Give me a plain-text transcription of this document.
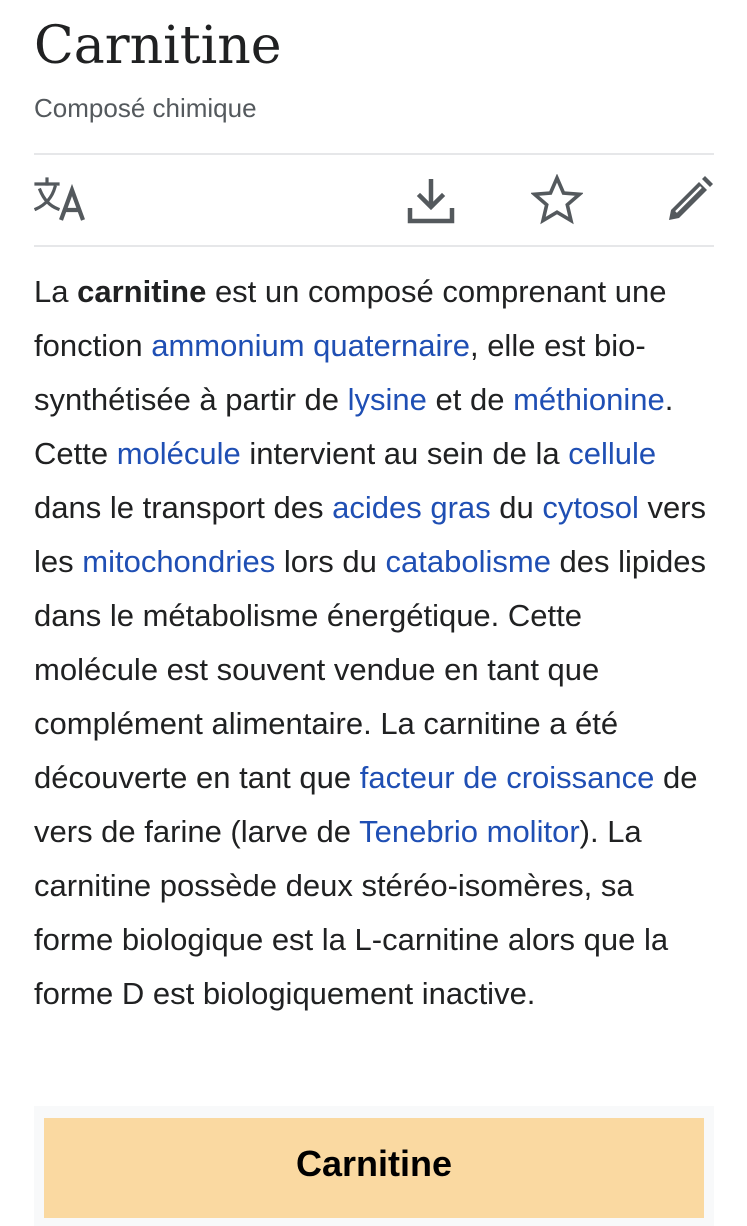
Carnitine
Composé chimique

La carnitine est un composé comprenant une fonction ammonium quaternaire, elle est bio-synthétisée à partir de lysine et de méthionine. Cette molécule intervient au sein de la cellule dans le transport des acides gras du cytosol vers les mitochondries lors du catabolisme des lipides dans le métabolisme énergétique. Cette molécule est souvent vendue en tant que complément alimentaire. La carnitine a été découverte en tant que facteur de croissance de vers de farine (larve de Tenebrio molitor). La carnitine possède deux stéréo-isomères, sa forme biologique est la L-carnitine alors que la forme D est biologiquement inactive.

Carnitine
